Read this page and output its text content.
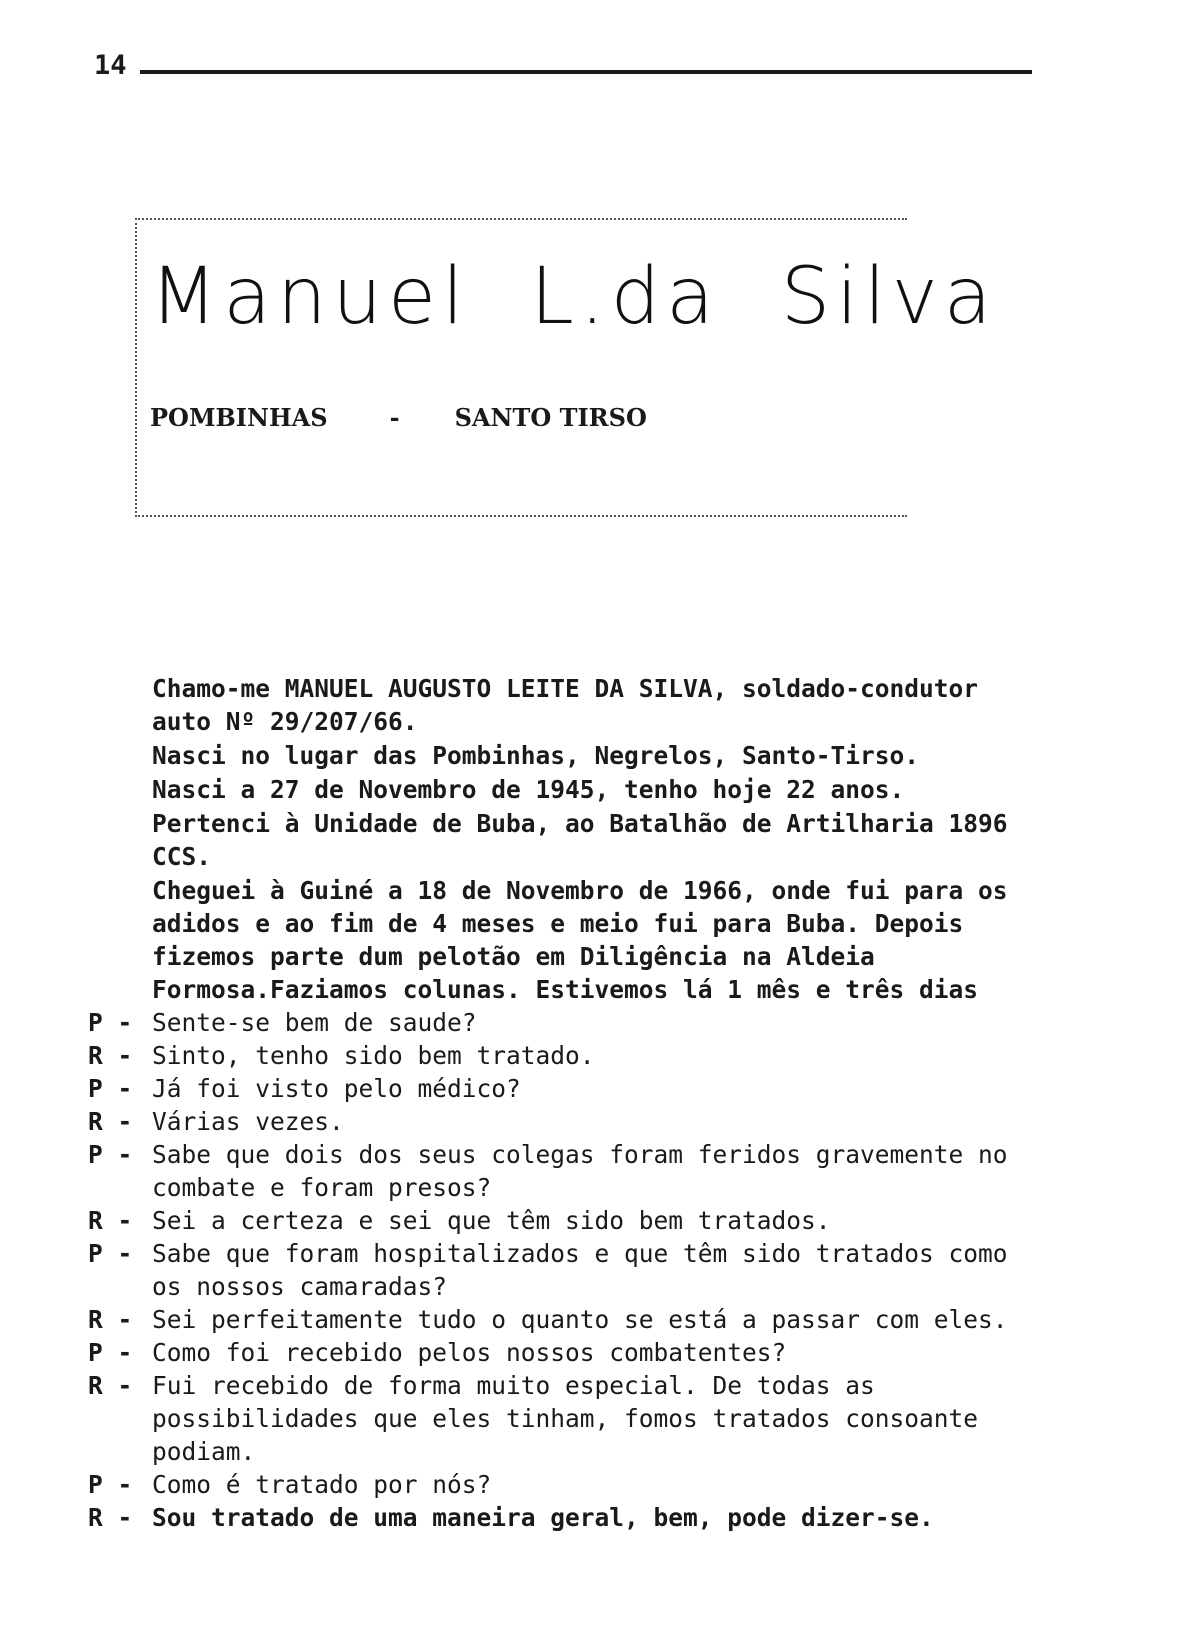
14
Manuel L.da Silva
POMBINHAS	- SANTO TIRSO

Chamo-me MANUEL AUGUSTO LEITE DA SILVA, soldado-condutor auto Nº 29/207/66.

Nasci no lugar das Pombinhas, Negrelos, Santo-Tirso.

Nasci a 27 de Novembro de 1945, tenho hoje 22 anos.

Pertenci à Unidade de Buba, ao Batalhão de Artilharia 1896 CCS.

Cheguei à Guiné a 18 de Novembro de 1966, onde fui para os adidos e ao fim de 4 meses e meio fui para Buba. Depois fizemos parte dum pelotão em Diligência na Aldeia Formosa.Faziamos colunas. Estivemos lá 1 mês e três dias

P - Sente-se bem de saude?
R - Sinto, tenho sido bem tratado.
P - Já foi visto pelo médico?
R - Várias vezes.
P - Sabe que dois dos seus colegas foram feridos gravemente no combate e foram presos?
R - Sei a certeza e sei que têm sido bem tratados.
P - Sabe que foram hospitalizados e que têm sido tratados como os nossos camaradas?
R - Sei perfeitamente tudo o quanto se está a passar com eles.
P - Como foi recebido pelos nossos combatentes?
R - Fui recebido de forma muito especial. De todas as possibilidades que eles tinham, fomos tratados consoante podiam.
P - Como é tratado por nós?
R - Sou tratado de uma maneira geral, bem, pode dizer-se.
